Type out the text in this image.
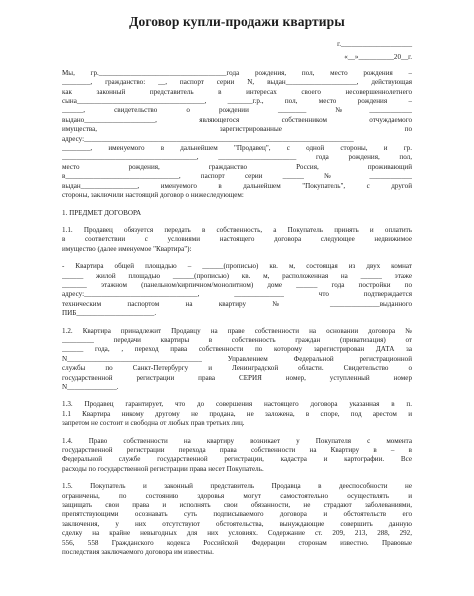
Договор купли-продажи квартиры
г.____________________
«__»__________20__г.
Мы, гр.____________________________________года рождения, пол, место рождения –
________, гражданство: __, паспорт серии N, выдан____________________, действующая
как законный представитель в интересах своего несовершеннолетнего
сына____________________________________, _______г.р., пол, место рождения –
______, свидетельство о рождении ________ №____________
выдано____________________, являющегося собственником отчуждаемого
имущества, зарегистрированные по
адресу:____________________________________________________________________________
________, именуемого в дальнейшем "Продавец", с одной стороны, и гр.
______________________________________, ______________________ года рождения, пол,
место рождения, гражданство Россия, проживающий
в________________________________, паспорт серии ______ № ____________
выдан________________, именуемого в дальнейшем "Покупатель", с другой
стороны, заключили настоящий договор о нижеследующем:
1. ПРЕДМЕТ ДОГОВОРА
1.1. Продавец обязуется передать в собственность, а Покупатель принять и оплатить
в соответствии с условиями настоящего договора следующее недвижимое
имущество (далее именуемое "Квартира"):
- Квартира общей площадью – ______(прописью) кв. м, состоящая из двух комнат
______ жилой площадью ______(прописью) кв. м, расположенная на ______ этаже
_______ этажном (панельном/кирпичном/монолитном) доме ______ года постройки по
адресу:________________________________, ______________ что подтверждается
техническим паспортом на квартиру № ______________выданного
ПИБ______________________.
1.2. Квартира принадлежит Продавцу на праве собственности на основании договора №
_________ передачи квартиры в собственность граждан (приватизация) от
______ года, , переход права собственности по которому зарегистрирован ДАТА за
N______________________________________ Управлением Федеральной регистрационной
службы по Санкт-Петербургу и Ленинградской области. Свидетельство о
государственной регистрации права СЕРИЯ номер, уступленный номер
N______________.
1.3. Продавец гарантирует, что до совершения настоящего договора указанная в п.
1.1 Квартира никому другому не продана, не заложена, в споре, под арестом и
запретом не состоит и свободна от любых прав третьих лиц.
1.4. Право собственности на квартиру возникает у Покупателя с момента
государственной регистрации перехода права собственности на Квартиру в – в
Федеральной службе государственной регистрации, кадастра и картографии. Все
расходы по государственной регистрации права несет Покупатель.
1.5. Покупатель и законный представитель Продавца в дееспособности не
ограничены, по состоянию здоровья могут самостоятельно осуществлять и
защищать свои права и исполнять свои обязанности, не страдают заболеваниями,
препятствующими осознавать суть подписываемого договора и обстоятельств его
заключения, у них отсутствуют обстоятельства, вынуждающие совершить данную
сделку на крайне невыгодных для них условиях. Содержание ст. 209, 213, 288, 292,
556, 558 Гражданского кодекса Российской Федерации сторонам известно. Правовые
последствия заключаемого договора им известны.
